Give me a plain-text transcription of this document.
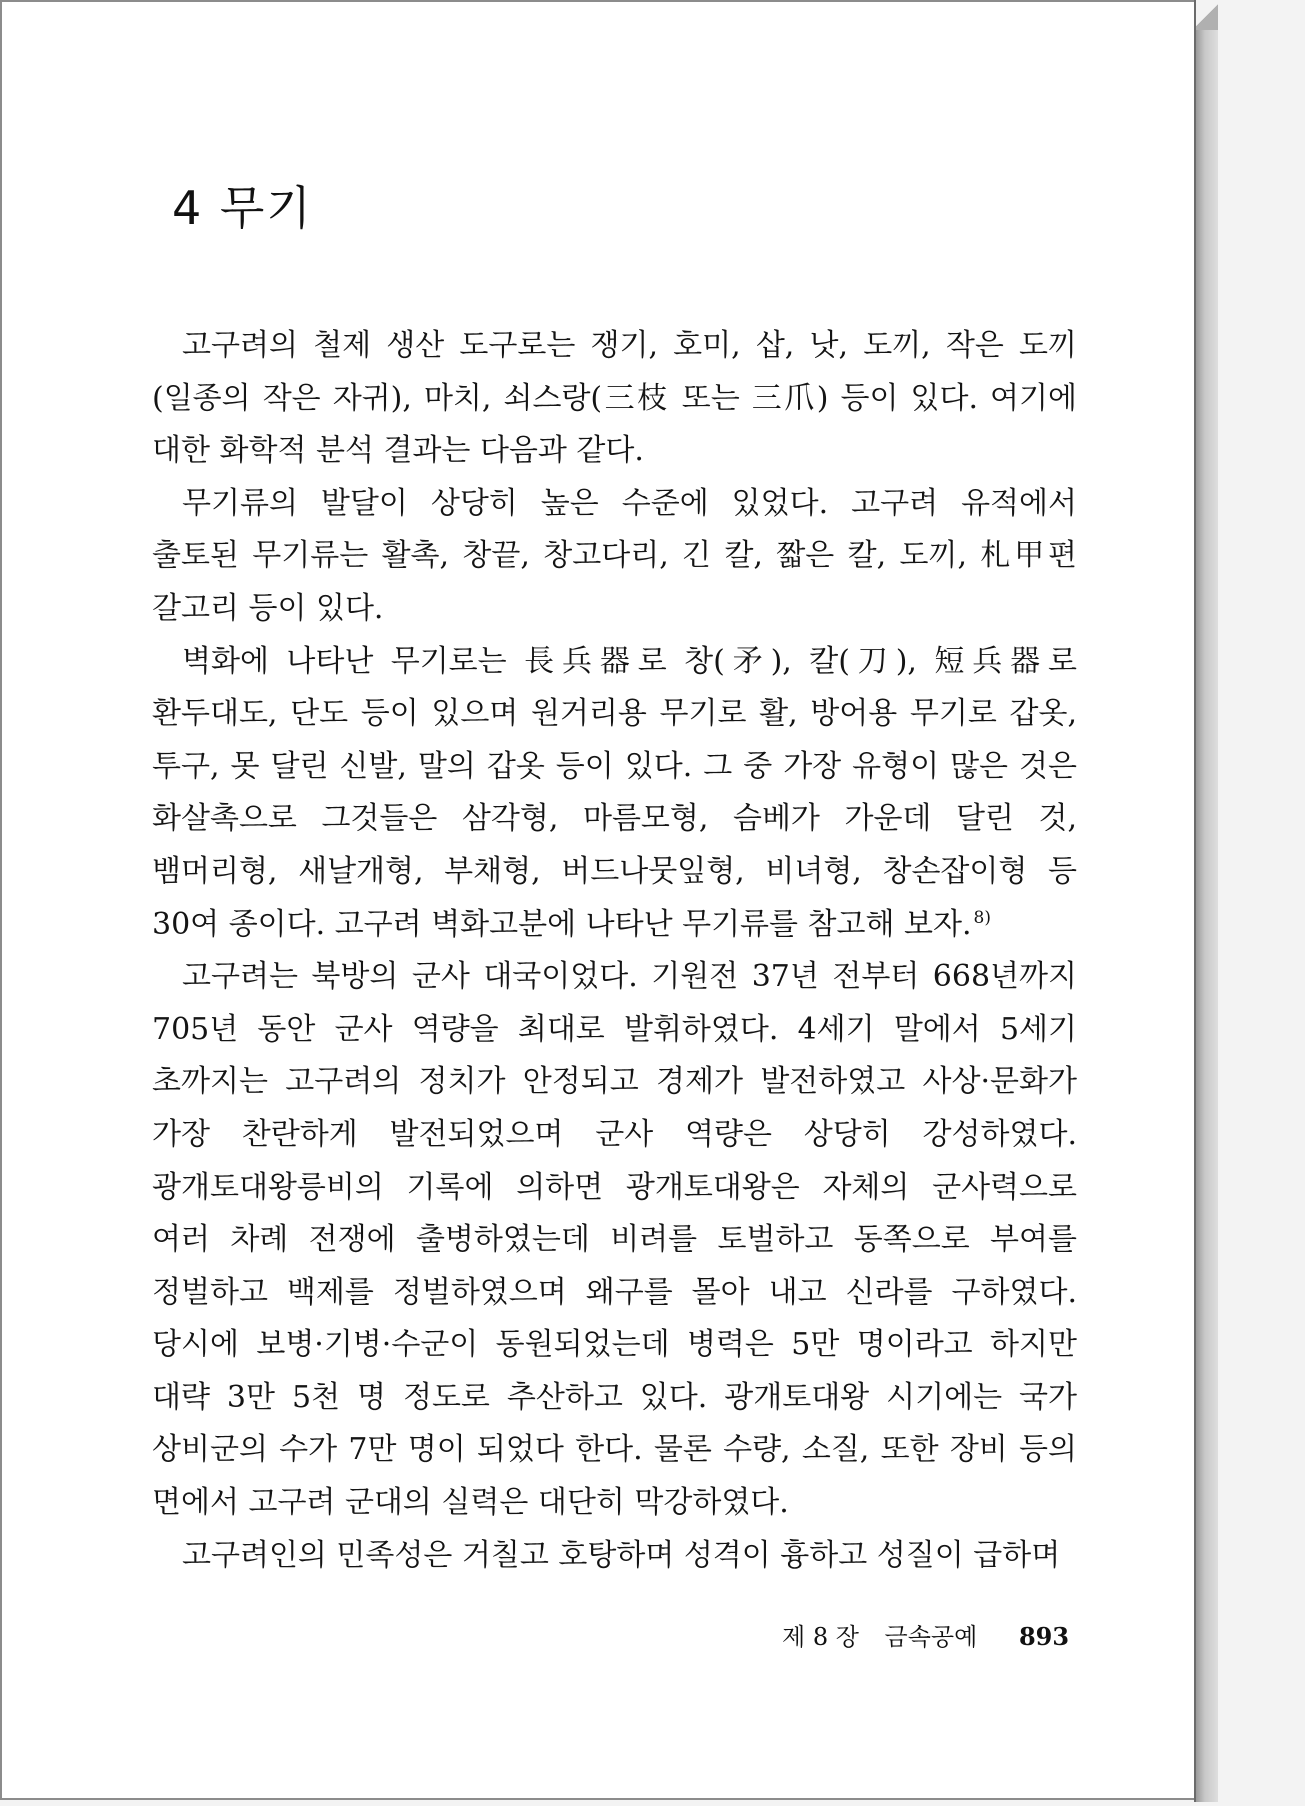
4 무기

고구려의 철제 생산 도구로는 쟁기, 호미, 삽, 낫, 도끼, 작은 도끼(일종의 작은 자귀), 마치, 쇠스랑(三枝 또는 三爪) 등이 있다. 여기에 대한 화학적 분석 결과는 다음과 같다.

무기류의 발달이 상당히 높은 수준에 있었다. 고구려 유적에서 출토된 무기류는 활촉, 창끝, 창고다리, 긴 칼, 짧은 칼, 도끼, 札甲편 갈고리 등이 있다.

벽화에 나타난 무기로는 長兵器로 창(矛), 칼(刀), 短兵器로 환두대도, 단도 등이 있으며 원거리용 무기로 활, 방어용 무기로 갑옷, 투구, 못 달린 신발, 말의 갑옷 등이 있다. 그 중 가장 유형이 많은 것은 화살촉으로 그것들은 삼각형, 마름모형, 슴베가 가운데 달린 것, 뱀머리형, 새날개형, 부채형, 버드나뭇잎형, 비녀형, 창손잡이형 등 30여 종이다. 고구려 벽화고분에 나타난 무기류를 참고해 보자. $^{8)}$

고구려는 북방의 군사 대국이었다. 기원전 37년 전부터 668년까지 705년 동안 군사 역량을 최대로 발휘하였다. 4세기 말에서 5세기 초까지는 고구려의 정치가 안정되고 경제가 발전하였고 사상·문화가 가장 찬란하게 발전되었으며 군사 역량은 상당히 강성하였다. 광개토대왕릉비의 기록에 의하면 광개토대왕은 자체의 군사력으로 여러 차례 전쟁에 출병하였는데 비려를 토벌하고 동쪽으로 부여를 정벌하고 백제를 정벌하였으며 왜구를 몰아 내고 신라를 구하였다. 당시에 보병·기병·수군이 동원되었는데 병력은 5만 명이라고 하지만 대략 3만 5천 명 정도로 추산하고 있다. 광개토대왕 시기에는 국가 상비군의 수가 7만 명이 되었다 한다. 물론 수량, 소질, 또한 장비 등의 면에서 고구려 군대의 실력은 대단히 막강하였다.

고구려인의 민족성은 거칠고 호탕하며 성격이 흉하고 성질이 급하며

제 8 장 금속공예 893
